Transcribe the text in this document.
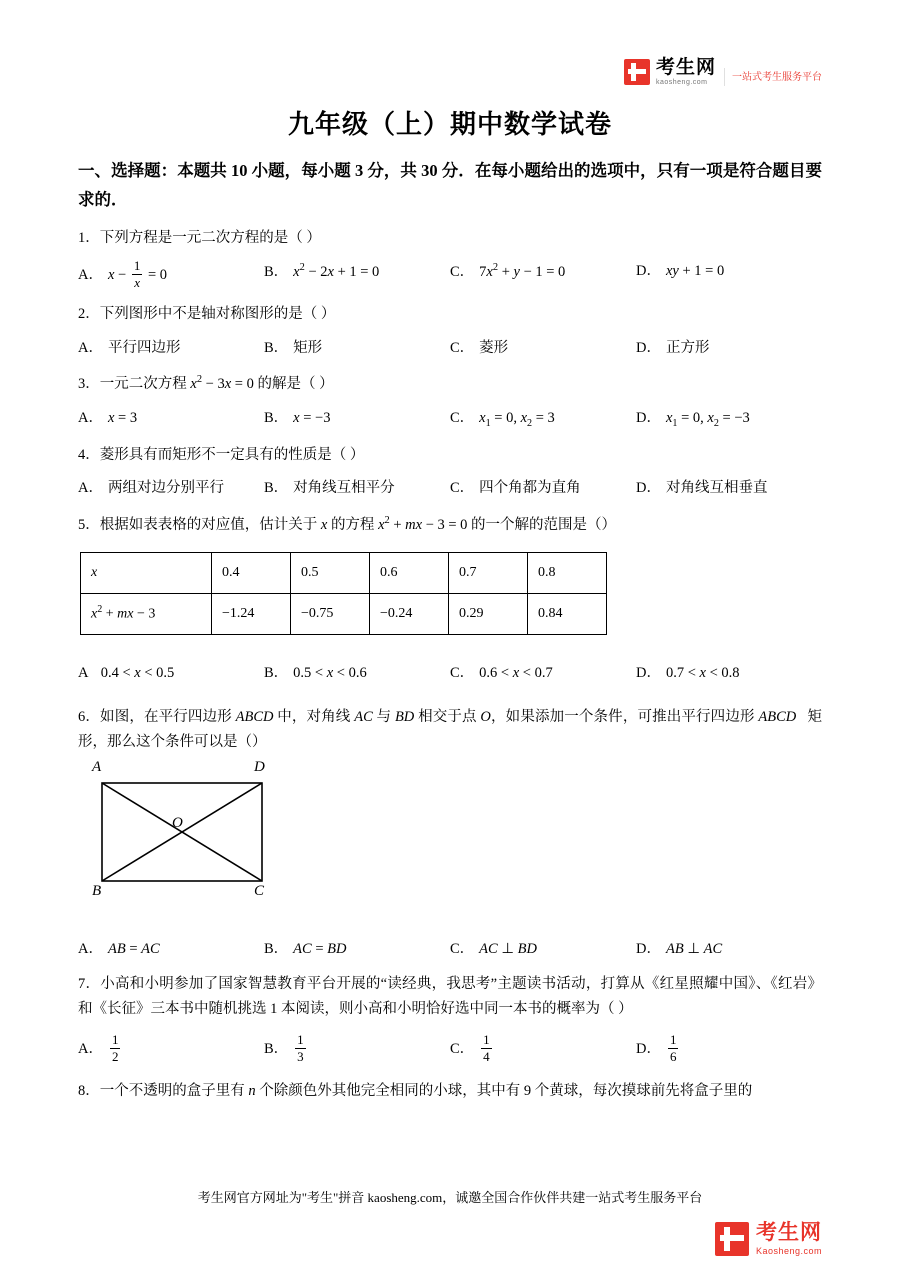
考生网
kaosheng.com	一站式考生服务平台
九年级（上）期中数学试卷
一、选择题：本题共 10 小题，每小题 3 分，共 30 分．在每小题给出的选项中，只有一项是符合题目要求的．
1．下列方程是一元二次方程的是（ ）
A． $x - \frac{1}{x} = 0$	B． $x^2 - 2x + 1 = 0$	C． $7x^2 + y - 1 = 0$	D． xy + 1 = 0
2．下列图形中不是轴对称图形的是（ ）
A． 平行四边形	B． 矩形	C． 菱形	D． 正方形
3．一元二次方程 $x^2 - 3x = 0$ 的解是（ ）
A． x = 3	B． x = −3	C． $x_1 = 0$, $x_2 = 3$	D． $x_1 = 0$, $x_2 = -3$
4．菱形具有而矩形不一定具有的性质是（ ）
A． 两组对边分别平行	B． 对角线互相平分	C． 四个角都为直角	D． 对角线互相垂直
5．根据如表表格的对应值，估计关于 x 的方程 $x^2$ + mx − 3 = 0 的一个解的范围是（）
x	0.4	0.5	0.6	0.7	0.8
$x^2$ + mx − 3	−1.24	−0.75	−0.24	0.29	0.84
A  0.4 < x < 0.5	B． 0.5 < x < 0.6	C． 0.6 < x < 0.7	D． 0.7 < x < 0.8
6．如图，在平行四边形 ABCD 中，对角线 AC 与 BD 相交于点 O，如果添加一个条件，可推出平行四边形 ABCD   矩形，那么这个条件可以是（）
A	D
B	C
O
A． AB = AC	B． AC = BD	C． AC ⊥ BD	D． AB ⊥ AC
7．小高和小明参加了国家智慧教育平台开展的“读经典，我思考”主题读书活动，打算从《红星照耀中国》、《红岩》和《长征》三本书中随机挑选 1 本阅读，则小高和小明恰好选中同一本书的概率为（ ）
A． $\frac{1}{2}$	B． $\frac{1}{3}$	C． $\frac{1}{4}$	D． $\frac{1}{6}$
8．一个不透明的盒子里有 n 个除颜色外其他完全相同的小球，其中有 9 个黄球，每次摸球前先将盒子里的
考生网官方网址为"考生"拼音 kaosheng.com，诚邀全国合作伙伴共建一站式考生服务平台
考生网
Kaosheng.com
